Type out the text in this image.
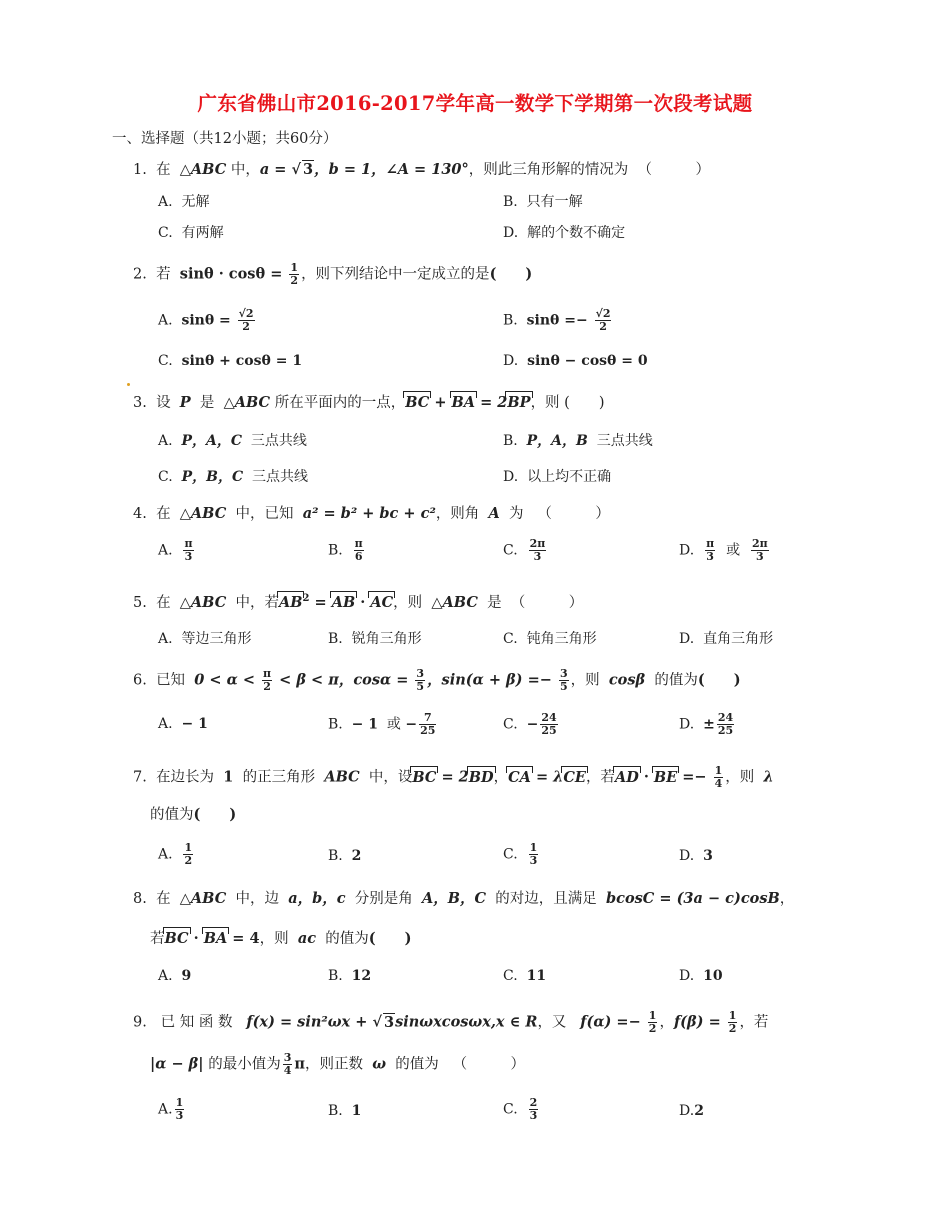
广东省佛山市2016-2017学年高一数学下学期第一次段考试题
一、选择题（共12小题；共60分）
1. 在 △ABC 中，a = √ 3，b = 1，∠A = 130°，则此三角形解的情况为 （　　　）
A. 无解	B. 只有一解
C. 有两解	D. 解的个数不确定
2. 若 $\sin\theta \cdot \cos\theta = \frac{1}{2}$ ，则下列结论中一定成立的是(　　)
A. $\sin\theta = \frac{√2}{2}$	B. $\sin\theta =- \frac{√2}{2}$
C. sinθ + cosθ = 1	D. sinθ − cosθ = 0
3. 设 P 是 △ABC 所在平面内的一点，BC
+ BA
= 2BP
，则 (　　)
A. P，A，C 三点共线	B. P，A，B 三点共线
C. P，B，C 三点共线	D. 以上均不正确
4. 在 △ABC 中，已知 a² = b² + bc + c²，则角 A 为 （　　　）
A. $\frac{\pi}{3}$	B. $\frac{\pi}{6}$	C. $\frac{2\pi}{3}$	D. $\frac{\pi}{3}$ 或 $\frac{2\pi}{3}$
5. 在 △ABC 中，若AB
$^2$ = AB
· AC
，则 △ABC 是 （　　　）
A. 等边三角形	B. 锐角三角形	C. 钝角三角形	D. 直角三角形
6. 已知 $0 < \alpha < \frac{\pi}{2} < \beta < \pi$，$\cos\alpha = \frac{3}{5}$ ，$\sin(\alpha + \beta) =- \frac{3}{5}$ ，则 cosβ 的值为(　　)
A. − 1	B. − 1 或 − $\frac{7}{25}$	C. − $\frac{24}{25}$	D. ± $\frac{24}{25}$
7. 在边长为 1 的正三角形 ABC 中，设BC
= 2BD
，CA
= λCE
，若AD
· BE
=− $\frac{1}{4}$ ，则 λ
的值为(　　)
A. $\frac{1}{2}$	B. 2	C. $\frac{1}{3}$	D. 3
8. 在 △ABC 中，边 a，b，c 分别是角 A，B，C 的对边，且满足 bcosC = (3a − c)cosB，
若BC
· BA
= 4，则 ac 的值为(　　)
A. 9	B. 12	C. 11	D. 10
9. 已 知 函 数 f(x) = sin²ωx + √ 3sinωxcosωx,x ∈ R，又 $f(\alpha) =- \frac{1}{2}$ ，$f(\beta) = \frac{1}{2}$ ，若
|α − β| 的最小值为 $\frac{3}{4}$ π，则正数 ω 的值为 （　　　）
A. $\frac{1}{3}$	B. 1	C. $\frac{2}{3}$	D.2
